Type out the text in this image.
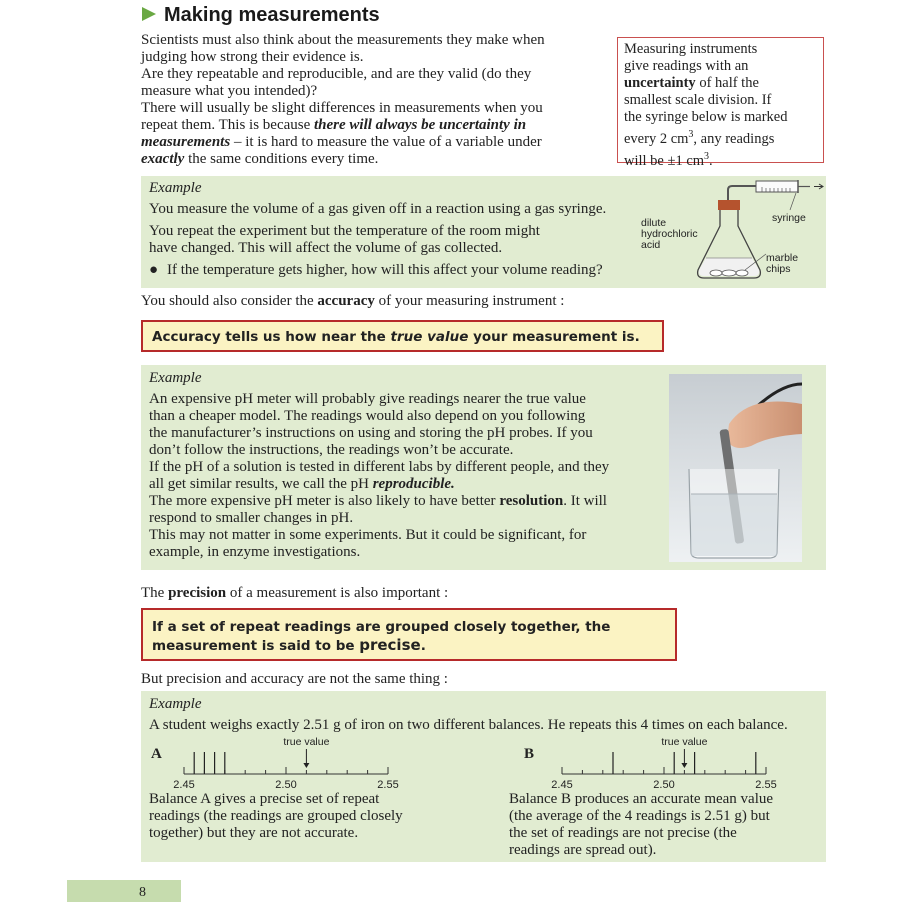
Making measurements
Scientists must also think about the measurements they make when
judging how strong their evidence is.
Are they repeatable and reproducible, and are they valid (do they
measure what you intended)?
There will usually be slight differences in measurements when you
repeat them. This is because there will always be uncertainty in
measurements – it is hard to measure the value of a variable under
exactly the same conditions every time.
Measuring instruments
give readings with an
uncertainty of half the
smallest scale division. If
the syringe below is marked
every 2 $cm^3$, any readings
will be ±1 $cm^3$.
Example
You measure the volume of a gas given off in a reaction using a gas syringe.
You repeat the experiment but the temperature of the room might
have changed. This will affect the volume of gas collected.
● If the temperature gets higher, how will this affect your volume reading?
dilute
hydrochloric
acid
syringe
marble
chips
You should also consider the accuracy of your measuring instrument :
Accuracy tells us how near the true value your measurement is.
Example
An expensive pH meter will probably give readings nearer the true value
than a cheaper model. The readings would also depend on you following
the manufacturer’s instructions on using and storing the pH probes. If you
don’t follow the instructions, the readings won’t be accurate.
If the pH of a solution is tested in different labs by different people, and they
all get similar results, we call the pH reproducible.
The more expensive pH meter is also likely to have better resolution. It will
respond to smaller changes in pH.
This may not matter in some experiments. But it could be significant, for
example, in enzyme investigations.
The precision of a measurement is also important :
If a set of repeat readings are grouped closely together, the
measurement is said to be precise.
But precision and accuracy are not the same thing :
Example
A student weighs exactly 2.51 g of iron on two different balances. He repeats this 4 times on each balance.
A
2.45	2.50	2.55
true value
B
2.45	2.50	2.55
true value
Balance A gives a precise set of repeat
readings (the readings are grouped closely
together) but they are not accurate.
Balance B produces an accurate mean value
(the average of the 4 readings is 2.51 g) but
the set of readings are not precise (the
readings are spread out).
8
